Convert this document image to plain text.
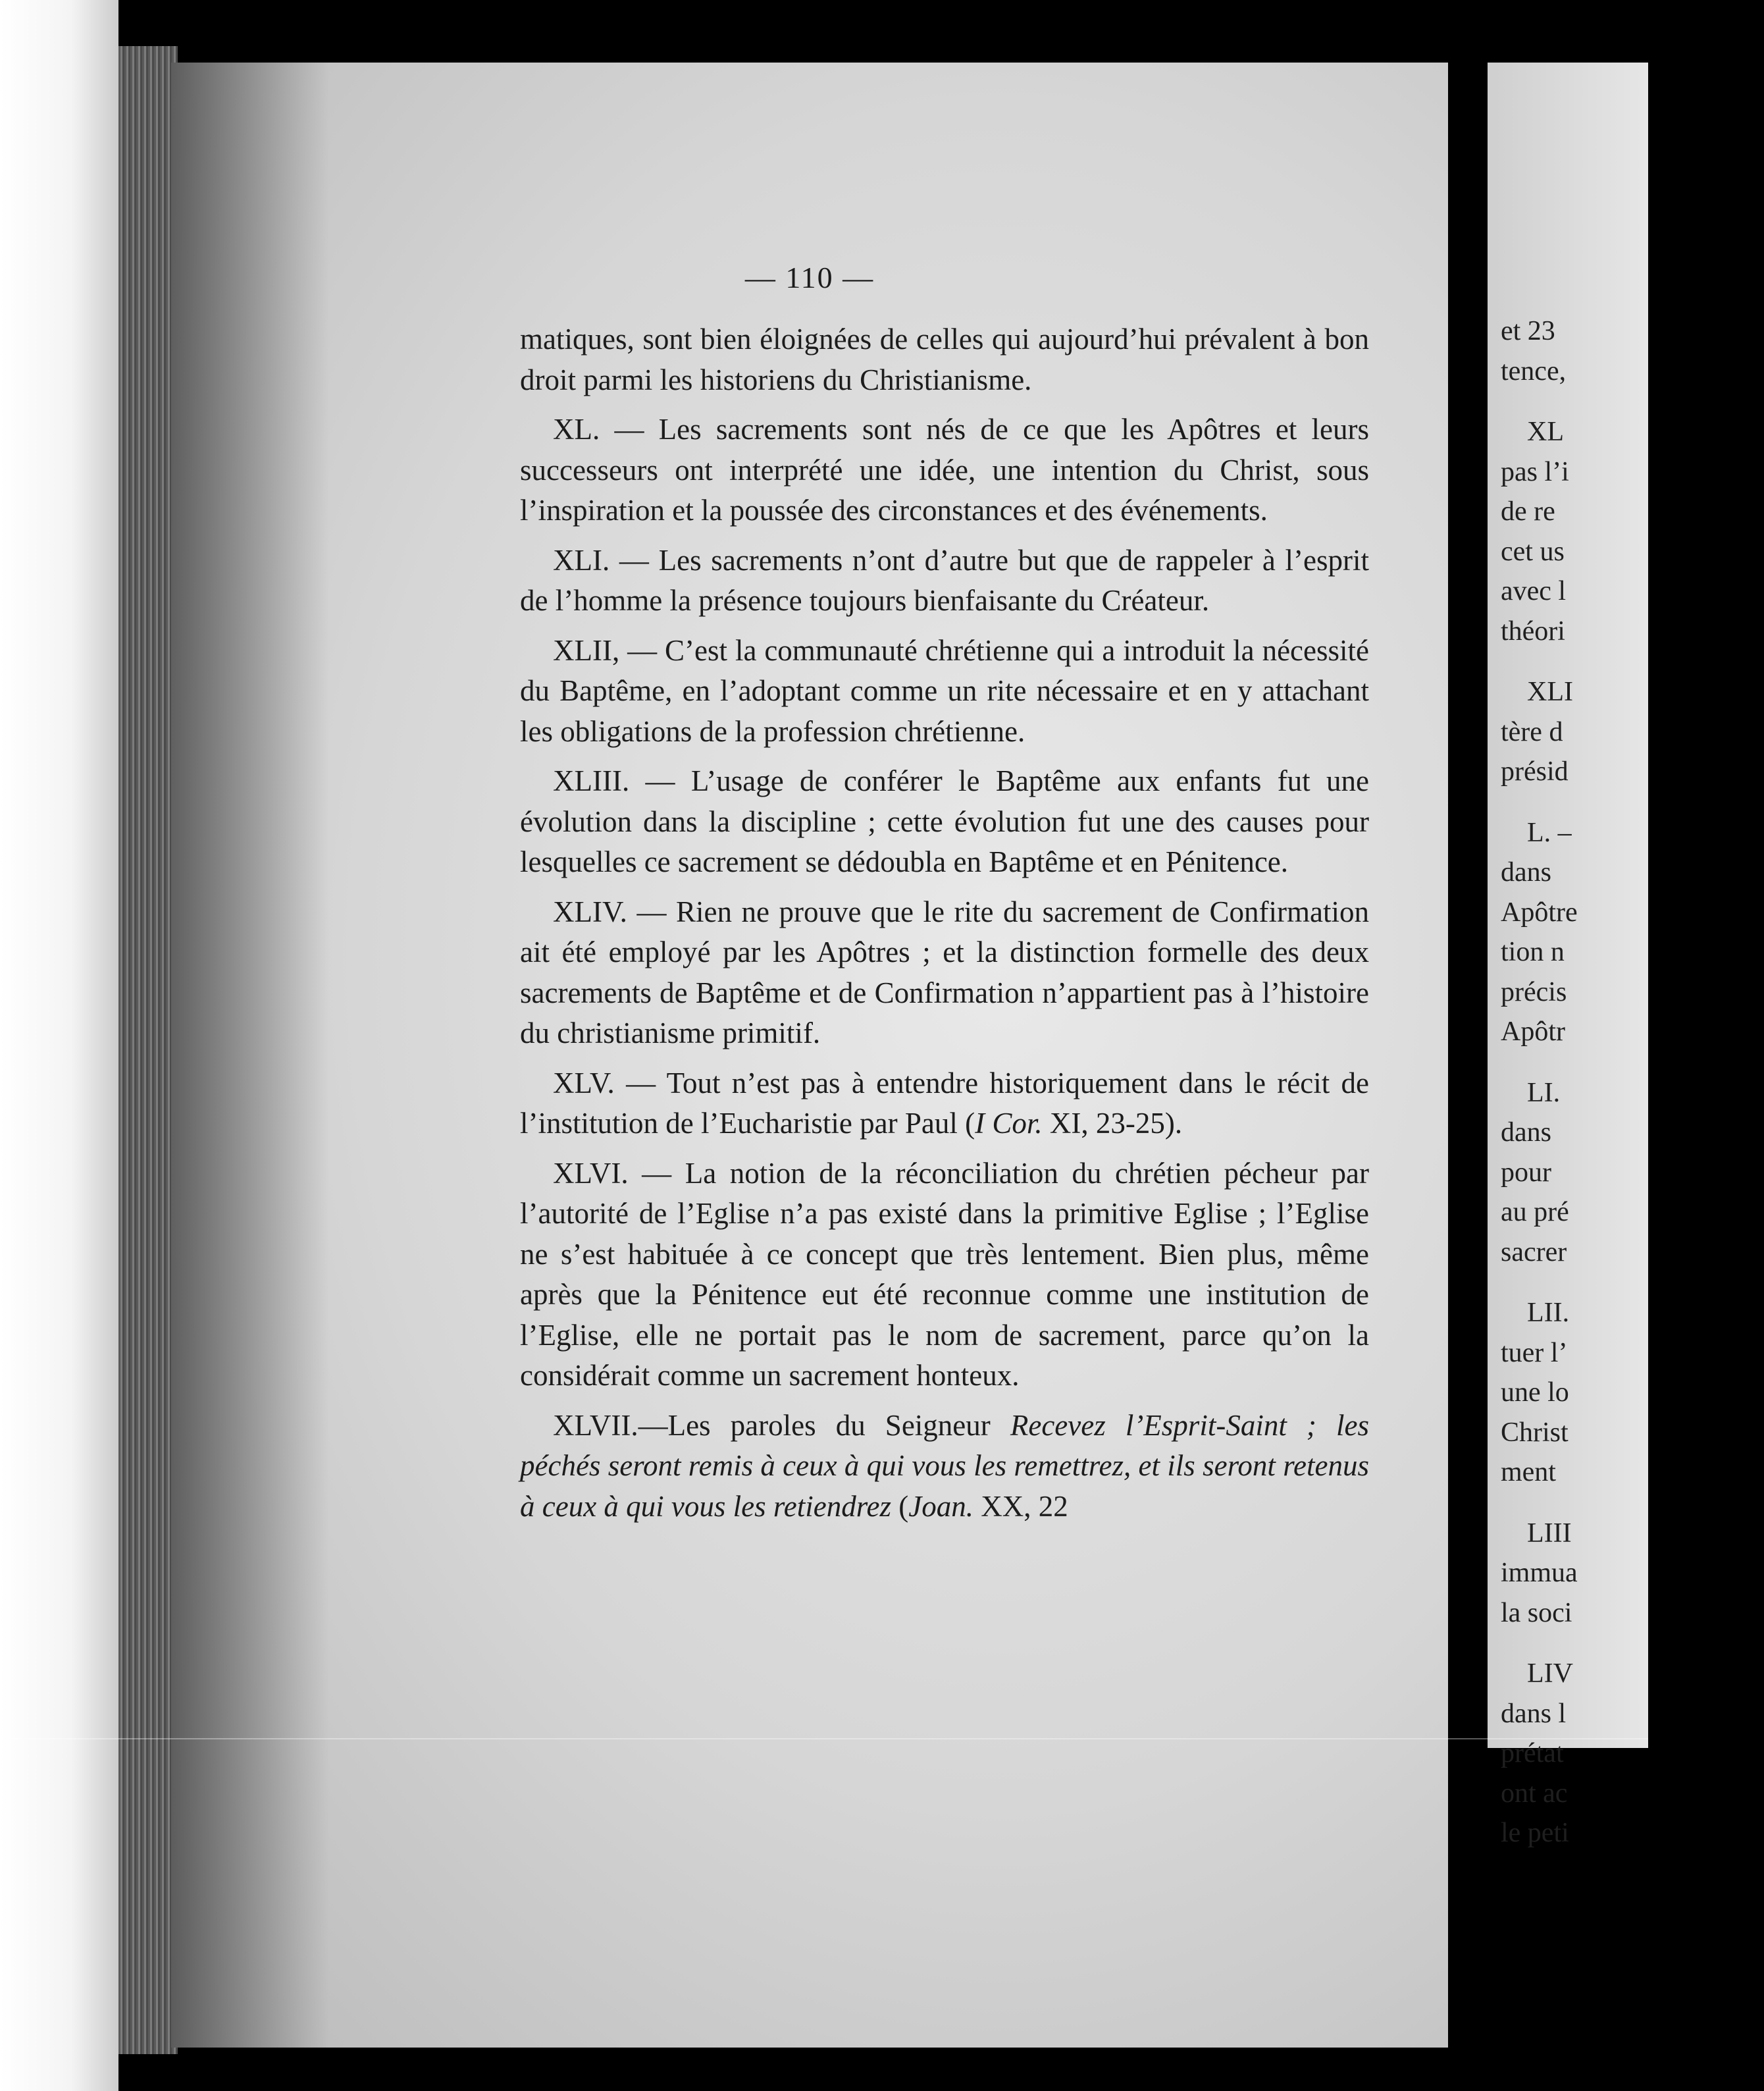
— 110 —

matiques, sont bien éloignées de celles qui aujourd’hui prévalent à bon droit parmi les historiens du Christianisme.

XL. — Les sacrements sont nés de ce que les Apôtres et leurs successeurs ont interprété une idée, une intention du Christ, sous l’inspiration et la poussée des circonstances et des événements.

XLI. — Les sacrements n’ont d’autre but que de rappeler à l’esprit de l’homme la présence toujours bienfaisante du Créateur.

XLII, — C’est la communauté chrétienne qui a introduit la nécessité du Baptême, en l’adoptant comme un rite nécessaire et en y attachant les obligations de la profession chrétienne.

XLIII. — L’usage de conférer le Baptême aux enfants fut une évolution dans la discipline ; cette évolution fut une des causes pour lesquelles ce sacrement se dédoubla en Baptême et en Pénitence.

XLIV. — Rien ne prouve que le rite du sacrement de Confirmation ait été employé par les Apôtres ; et la distinction formelle des deux sacrements de Baptême et de Confirmation n’appartient pas à l’histoire du christianisme primitif.

XLV. — Tout n’est pas à entendre historiquement dans le récit de l’institution de l’Eucharistie par Paul (I Cor. XI, 23-25).

XLVI. — La notion de la réconciliation du chrétien pécheur par l’autorité de l’Eglise n’a pas existé dans la primitive Eglise ; l’Eglise ne s’est habituée à ce concept que très lentement. Bien plus, même après que la Pénitence eut été reconnue comme une institution de l’Eglise, elle ne portait pas le nom de sacrement, parce qu’on la considérait comme un sacrement honteux.

XLVII.—Les paroles du Seigneur Recevez l’Esprit-Saint ; les péchés seront remis à ceux à qui vous les remettrez, et ils seront retenus à ceux à qui vous les retiendrez (Joan. XX, 22

et 23
tence,
XL
pas l’i
de re
cet us
avec l
théori
XLI
tère d
présid
L. –
dans
Apôtre
tion n
précis
Apôtr
LI.
dans
pour
au pré
sacrer
LII.
tuer l’
une lo
Christ
ment
LIII
immua
la soci
LIV
dans l
prétat
ont ac
le peti
